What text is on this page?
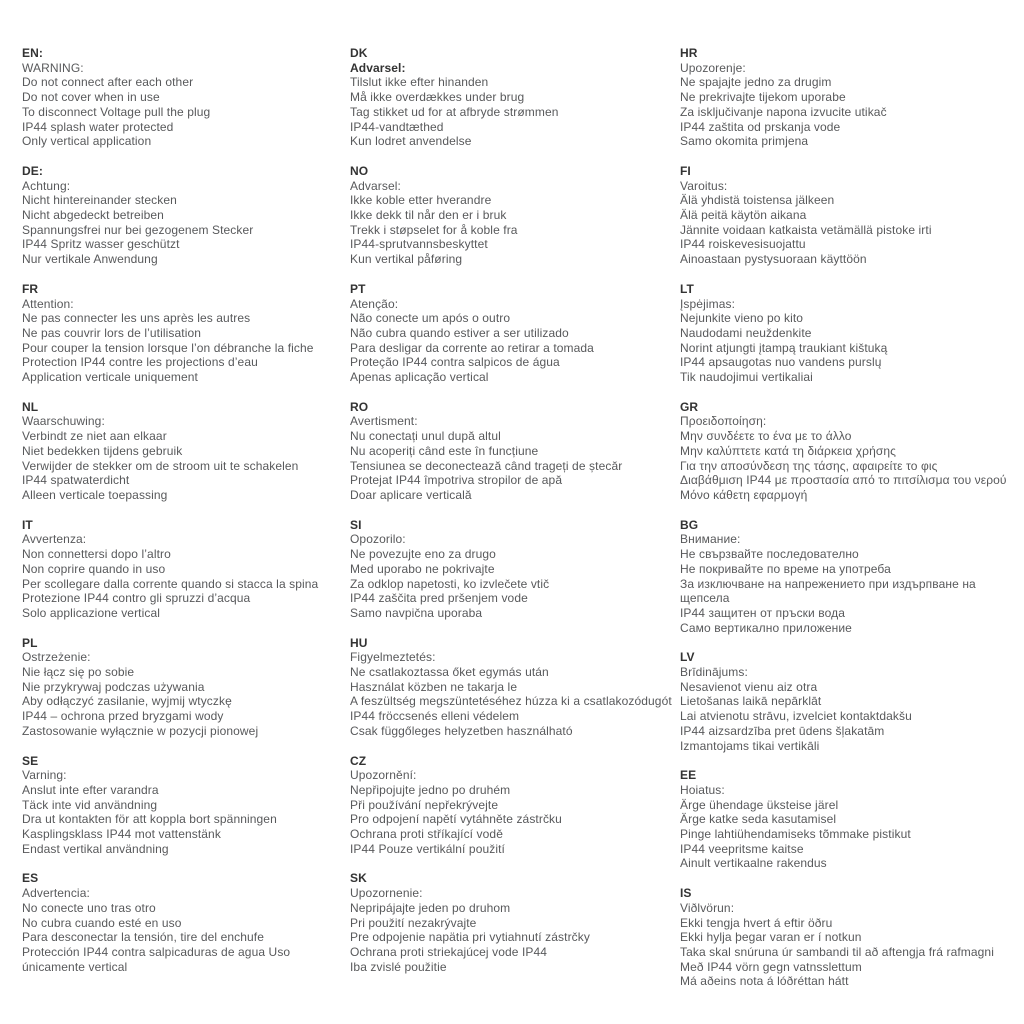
EN:
WARNING:
Do not connect after each other
Do not cover when in use
To disconnect Voltage pull the plug
IP44 splash water protected
Only vertical application
DE:
Achtung:
Nicht hintereinander stecken
Nicht abgedeckt betreiben
Spannungsfrei nur bei gezogenem Stecker
IP44 Spritz wasser geschützt
Nur vertikale Anwendung
FR
Attention:
Ne pas connecter les uns après les autres
Ne pas couvrir lors de l’utilisation
Pour couper la tension lorsque l’on débranche la fiche
Protection IP44 contre les projections d’eau
Application verticale uniquement
NL
Waarschuwing:
Verbindt ze niet aan elkaar
Niet bedekken tijdens gebruik
Verwijder de stekker om de stroom uit te schakelen
IP44 spatwaterdicht
Alleen verticale toepassing
IT
Avvertenza:
Non connettersi dopo l’altro
Non coprire quando in uso
Per scollegare dalla corrente quando si stacca la spina
Protezione IP44 contro gli spruzzi d’acqua
Solo applicazione vertical
PL
Ostrzeżenie:
Nie łącz się po sobie
Nie przykrywaj podczas używania
Aby odłączyć zasilanie, wyjmij wtyczkę
IP44 – ochrona przed bryzgami wody
Zastosowanie wyłącznie w pozycji pionowej
SE
Varning:
Anslut inte efter varandra
Täck inte vid användning
Dra ut kontakten för att koppla bort spänningen
Kasplingsklass IP44 mot vattenstänk
Endast vertikal användning
ES
Advertencia:
No conecte uno tras otro
No cubra cuando esté en uso
Para desconectar la tensión, tire del enchufe
Protección IP44 contra salpicaduras de agua Uso únicamente vertical
DK
Advarsel:
Tilslut ikke efter hinanden
Må ikke overdækkes under brug
Tag stikket ud for at afbryde strømmen
IP44-vandtæthed
Kun lodret anvendelse
NO
Advarsel:
Ikke koble etter hverandre
Ikke dekk til når den er i bruk
Trekk i støpselet for å koble fra
IP44-sprutvannsbeskyttet
Kun vertikal påføring
PT
Atenção:
Não conecte um após o outro
Não cubra quando estiver a ser utilizado
Para desligar da corrente ao retirar a tomada
Proteção IP44 contra salpicos de água
Apenas aplicação vertical
RO
Avertisment:
Nu conectați unul după altul
Nu acoperiți când este în funcțiune
Tensiunea se deconectează când trageți de ștecăr
Protejat IP44 împotriva stropilor de apă
Doar aplicare verticală
SI
Opozorilo:
Ne povezujte eno za drugo
Med uporabo ne pokrivajte
Za odklop napetosti, ko izvlečete vtič
IP44 zaščita pred pršenjem vode
Samo navpična uporaba
HU
Figyelmeztetés:
Ne csatlakoztassa őket egymás után
Használat közben ne takarja le
A feszültség megszüntetéséhez húzza ki a csatlakozódugót
IP44 fröccsenés elleni védelem
Csak függőleges helyzetben használható
CZ
Upozornění:
Nepřipojujte jedno po druhém
Při používání nepřekrývejte
Pro odpojení napětí vytáhněte zástrčku
Ochrana proti stříkající vodě
IP44 Pouze vertikální použití
SK
Upozornenie:
Nepripájajte jeden po druhom
Pri použití nezakrývajte
Pre odpojenie napätia pri vytiahnutí zástrčky
Ochrana proti striekajúcej vode IP44
Iba zvislé použitie
HR
Upozorenje:
Ne spajajte jedno za drugim
Ne prekrivajte tijekom uporabe
Za isključivanje napona izvucite utikač
IP44 zaštita od prskanja vode
Samo okomita primjena
FI
Varoitus:
Älä yhdistä toistensa jälkeen
Älä peitä käytön aikana
Jännite voidaan katkaista vetämällä pistoke irti
IP44 roiskevesisuojattu
Ainoastaan pystysuoraan käyttöön
LT
Įspėjimas:
Nejunkite vieno po kito
Naudodami neuždenkite
Norint atjungti įtampą traukiant kištuką
IP44 apsaugotas nuo vandens purslų
Tik naudojimui vertikaliai
GR
Προειδοποίηση:
Μην συνδέετε το ένα με το άλλο
Μην καλύπτετε κατά τη διάρκεια χρήσης
Για την αποσύνδεση της τάσης, αφαιρείτε το φις
Διαβάθμιση IP44 με προστασία από το πιτσίλισμα του νερού
Μόνο κάθετη εφαρμογή
BG
Внимание:
Не свързвайте последователно
Не покривайте по време на употреба
За изключване на напрежението при издърпване на щепсела
IP44 защитен от пръски вода
Само вертикално приложение
LV
Brīdinājums:
Nesavienot vienu aiz otra
Lietošanas laikā nepārklāt
Lai atvienotu strāvu, izvelciet kontaktdakšu
IP44 aizsardzība pret ūdens šļakatām
Izmantojams tikai vertikāli
EE
Hoiatus:
Ärge ühendage üksteise järel
Ärge katke seda kasutamisel
Pinge lahtiühendamiseks tõmmake pistikut
IP44 veepritsme kaitse
Ainult vertikaalne rakendus
IS
Viðlvörun:
Ekki tengja hvert á eftir öðru
Ekki hylja þegar varan er í notkun
Taka skal snúruna úr sambandi til að aftengja frá rafmagni
Með IP44 vörn gegn vatnsslettum
Má aðeins nota á lóðréttan hátt
